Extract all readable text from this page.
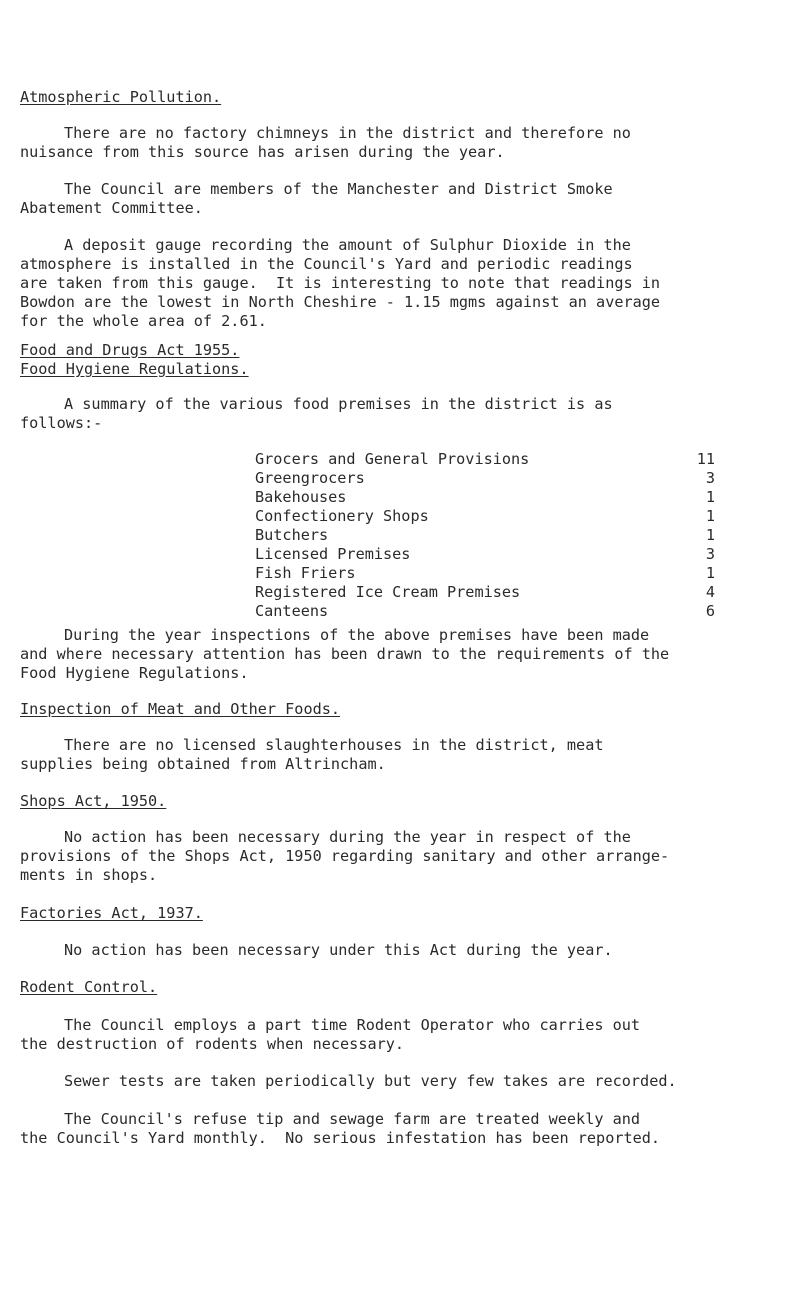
Atmospheric Pollution.
There are no factory chimneys in the district and therefore no
nuisance from this source has arisen during the year.
The Council are members of the Manchester and District Smoke
Abatement Committee.
A deposit gauge recording the amount of Sulphur Dioxide in the
atmosphere is installed in the Council's Yard and periodic readings
are taken from this gauge.  It is interesting to note that readings in
Bowdon are the lowest in North Cheshire - 1.15 mgms against an average
for the whole area of 2.61.
Food and Drugs Act 1955.
Food Hygiene Regulations.
A summary of the various food premises in the district is as
follows:-
Grocers and General Provisions	11
Greengrocers	3
Bakehouses	1
Confectionery Shops	1
Butchers	1
Licensed Premises	3
Fish Friers	1
Registered Ice Cream Premises	4
Canteens	6
During the year inspections of the above premises have been made
and where necessary attention has been drawn to the requirements of the
Food Hygiene Regulations.
Inspection of Meat and Other Foods.
There are no licensed slaughterhouses in the district, meat
supplies being obtained from Altrincham.
Shops Act, 1950.
No action has been necessary during the year in respect of the
provisions of the Shops Act, 1950 regarding sanitary and other arrange-
ments in shops.
Factories Act, 1937.
No action has been necessary under this Act during the year.
Rodent Control.
The Council employs a part time Rodent Operator who carries out
the destruction of rodents when necessary.
Sewer tests are taken periodically but very few takes are recorded.
The Council's refuse tip and sewage farm are treated weekly and
the Council's Yard monthly.  No serious infestation has been reported.
